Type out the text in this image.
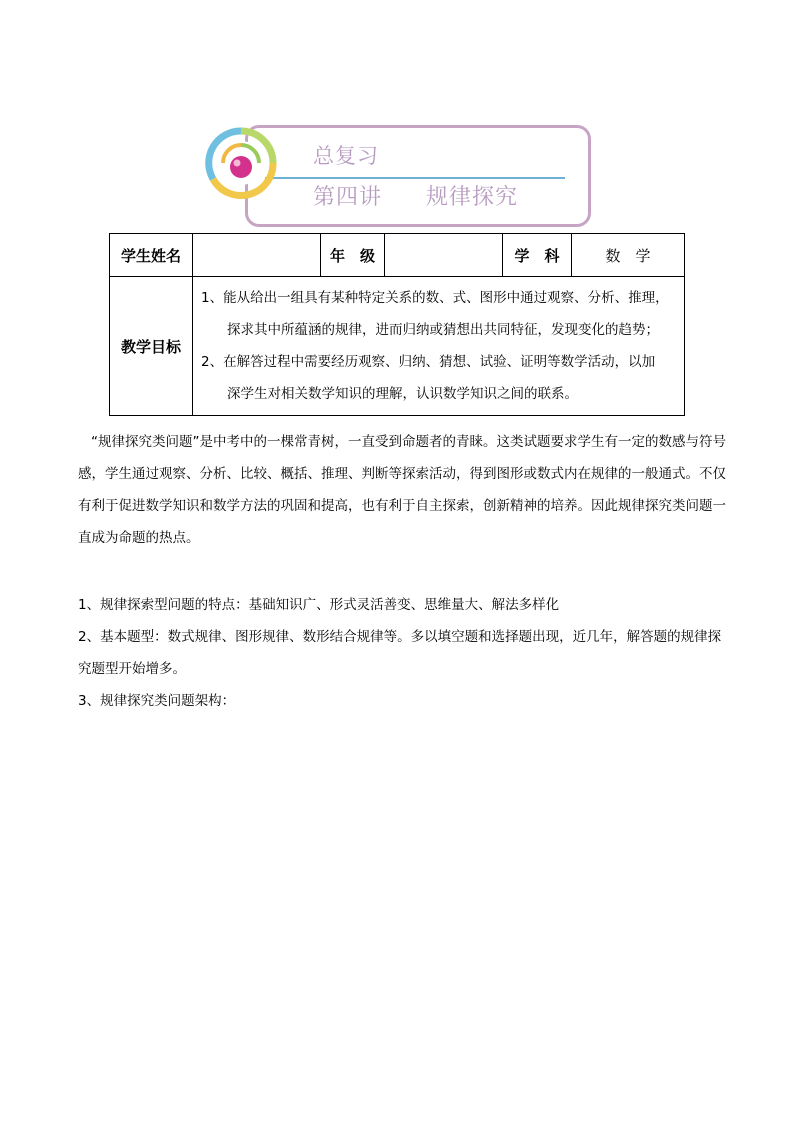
总复习
第四讲 规律探究
学生姓名		年　级		学　科	数　学
教学目标	1、能从给出一组具有某种特定关系的数、式、图形中通过观察、分析、推理，
探求其中所蕴涵的规律，进而归纳或猜想出共同特征，发现变化的趋势；
2、在解答过程中需要经历观察、归纳、猜想、试验、证明等数学活动，以加
深学生对相关数学知识的理解，认识数学知识之间的联系。				
“规律探究类问题”是中考中的一棵常青树，一直受到命题者的青睐。这类试题要求学生有一定的数感与符号感，学生通过观察、分析、比较、概括、推理、判断等探索活动，得到图形或数式内在规律的一般通式。不仅有利于促进数学知识和数学方法的巩固和提高，也有利于自主探索，创新精神的培养。因此规律探究类问题一直成为命题的热点。
1、规律探索型问题的特点：基础知识广、形式灵活善变、思维量大、解法多样化
2、基本题型：数式规律、图形规律、数形结合规律等。多以填空题和选择题出现，近几年，解答题的规律探究题型开始增多。
3、规律探究类问题架构：
